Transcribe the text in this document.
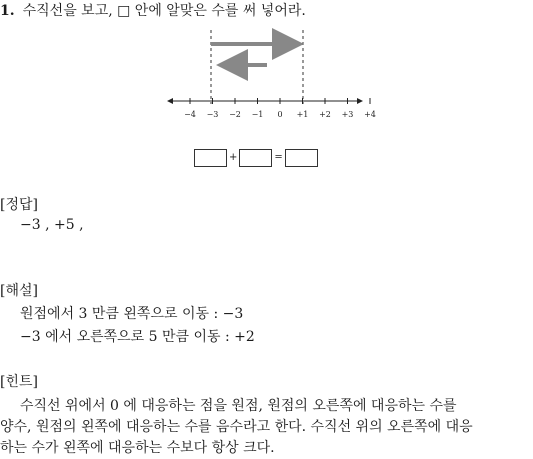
1. 수직선을 보고, □ 안에 알맞은 수를 써 넣어라.
−4 −3 −2 −1 0 +1 +2 +3 +4
+	=
[정답]
−3 , +5 ,
[해설]
원점에서 3 만큼 왼쪽으로 이동 : −3
−3 에서 오른쪽으로 5 만큼 이동 : +2
[힌트]
수직선 위에서 0 에 대응하는 점을 원점, 원점의 오른쪽에 대응하는 수를
양수, 원점의 왼쪽에 대응하는 수를 음수라고 한다. 수직선 위의 오른쪽에 대응
하는 수가 왼쪽에 대응하는 수보다 항상 크다.
